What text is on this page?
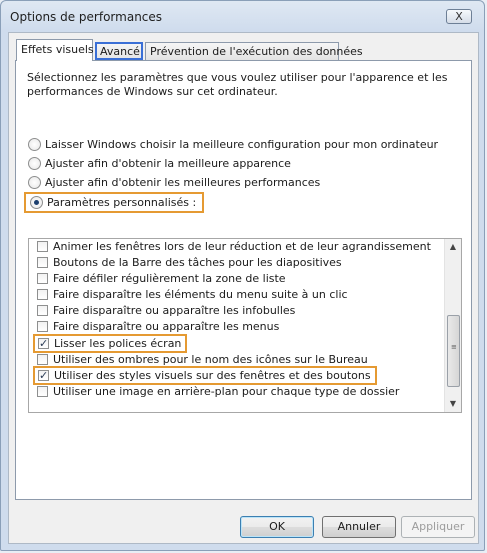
Options de performances	X
Effets visuels Avancé Prévention de l'exécution des données
Sélectionnez les paramètres que vous voulez utiliser pour l'apparence et les performances de Windows sur cet ordinateur.
Laisser Windows choisir la meilleure configuration pour mon ordinateur
Ajuster afin d'obtenir la meilleure apparence
Ajuster afin d'obtenir les meilleures performances
Paramètres personnalisés :
Animer les fenêtres lors de leur réduction et de leur agrandissement
Boutons de la Barre des tâches pour les diapositives
Faire défiler régulièrement la zone de liste
Faire disparaître les éléments du menu suite à un clic
Faire disparaître ou apparaître les infobulles
Faire disparaître ou apparaître les menus
✓Lisser les polices écran
Utiliser des ombres pour le nom des icônes sur le Bureau
✓Utiliser des styles visuels sur des fenêtres et des boutons
Utiliser une image en arrière-plan pour chaque type de dossier
▲
≡
▼
OK	Annuler	Appliquer
